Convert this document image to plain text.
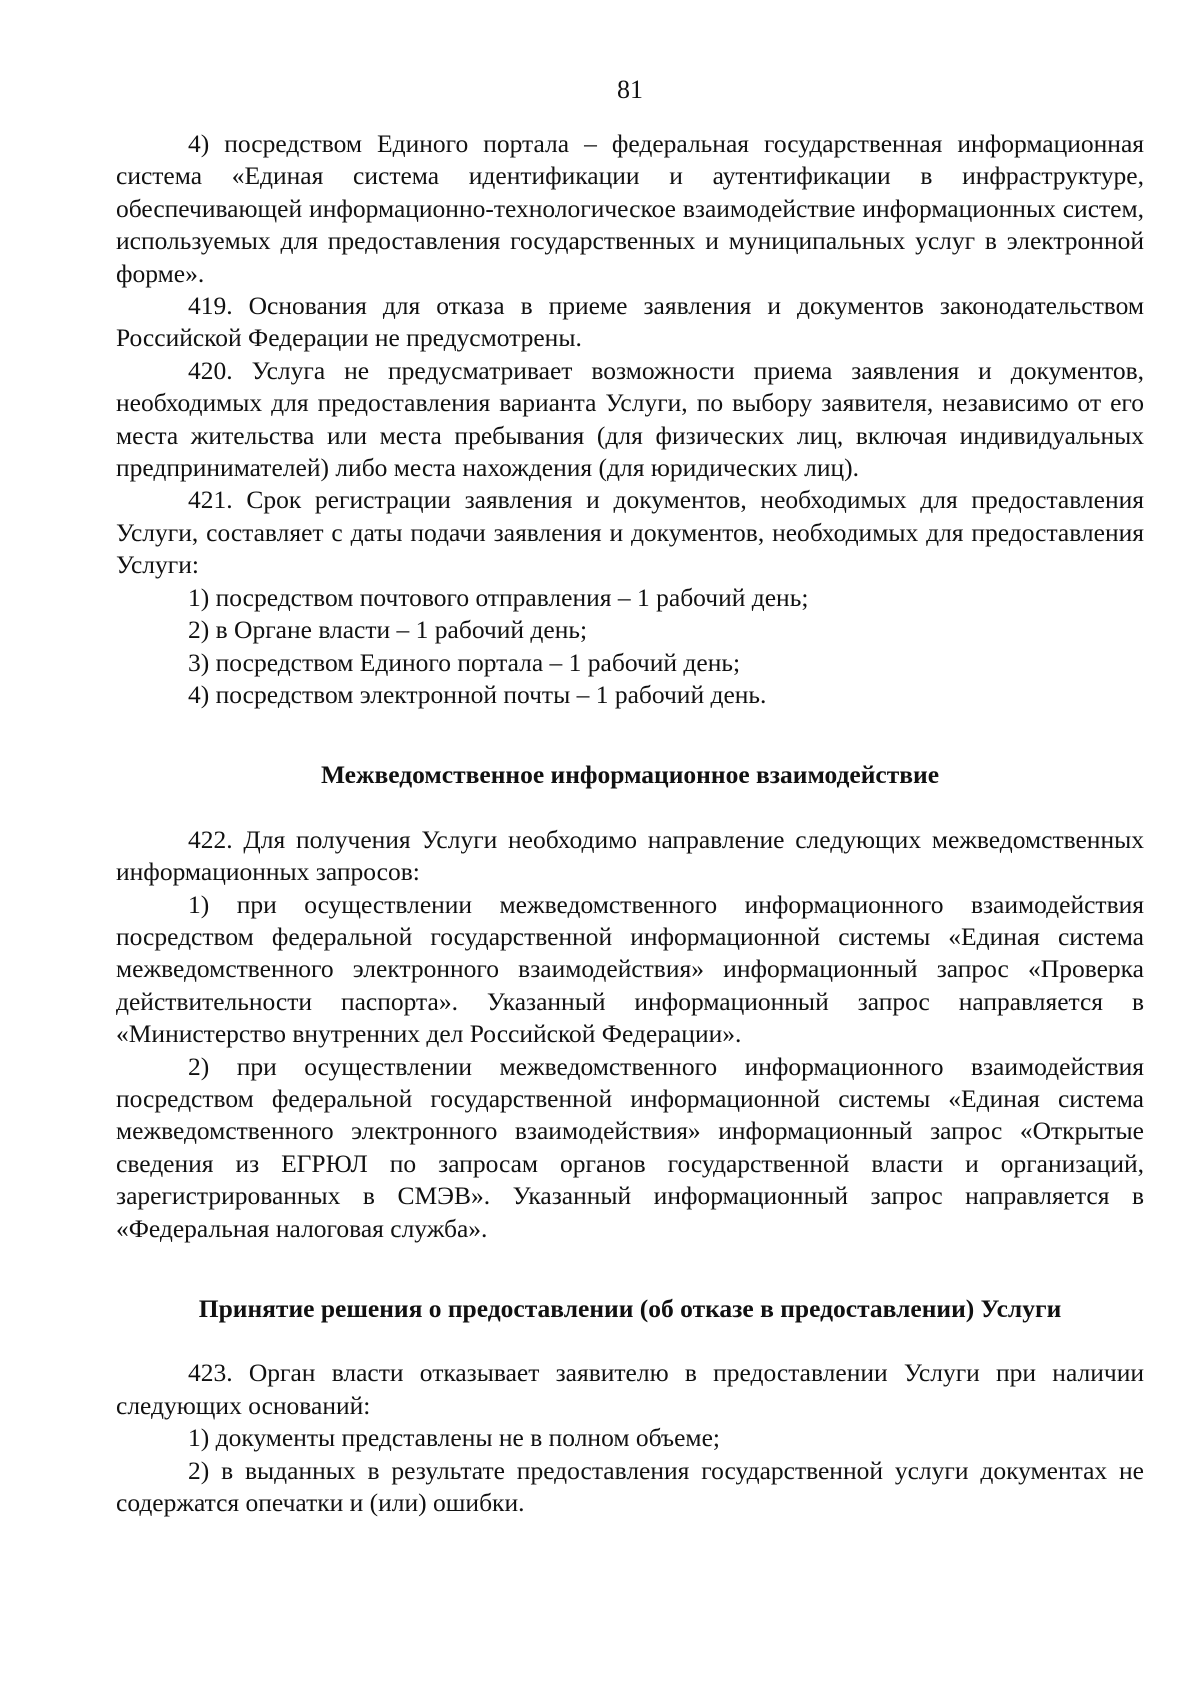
81

4) посредством Единого портала – федеральная государственная информационная система «Единая система идентификации и аутентификации в инфраструктуре, обеспечивающей информационно-технологическое взаимодействие информационных систем, используемых для предоставления государственных и муниципальных услуг в электронной форме».

419. Основания для отказа в приеме заявления и документов законодательством Российской Федерации не предусмотрены.

420. Услуга не предусматривает возможности приема заявления и документов, необходимых для предоставления варианта Услуги, по выбору заявителя, независимо от его места жительства или места пребывания (для физических лиц, включая индивидуальных предпринимателей) либо места нахождения (для юридических лиц).

421. Срок регистрации заявления и документов, необходимых для предоставления Услуги, составляет с даты подачи заявления и документов, необходимых для предоставления Услуги:

1) посредством почтового отправления – 1 рабочий день;

2) в Органе власти – 1 рабочий день;

3) посредством Единого портала – 1 рабочий день;

4) посредством электронной почты – 1 рабочий день.

Межведомственное информационное взаимодействие

422. Для получения Услуги необходимо направление следующих межведомственных информационных запросов:

1) при осуществлении межведомственного информационного взаимодействия посредством федеральной государственной информационной системы «Единая система межведомственного электронного взаимодействия» информационный запрос «Проверка действительности паспорта». Указанный информационный запрос направляется в «Министерство внутренних дел Российской Федерации».

2) при осуществлении межведомственного информационного взаимодействия посредством федеральной государственной информационной системы «Единая система межведомственного электронного взаимодействия» информационный запрос «Открытые сведения из ЕГРЮЛ по запросам органов государственной власти и организаций, зарегистрированных в СМЭВ». Указанный информационный запрос направляется в «Федеральная налоговая служба».

Принятие решения о предоставлении (об отказе в предоставлении) Услуги

423. Орган власти отказывает заявителю в предоставлении Услуги при наличии следующих оснований:

1) документы представлены не в полном объеме;

2) в выданных в результате предоставления государственной услуги документах не содержатся опечатки и (или) ошибки.
